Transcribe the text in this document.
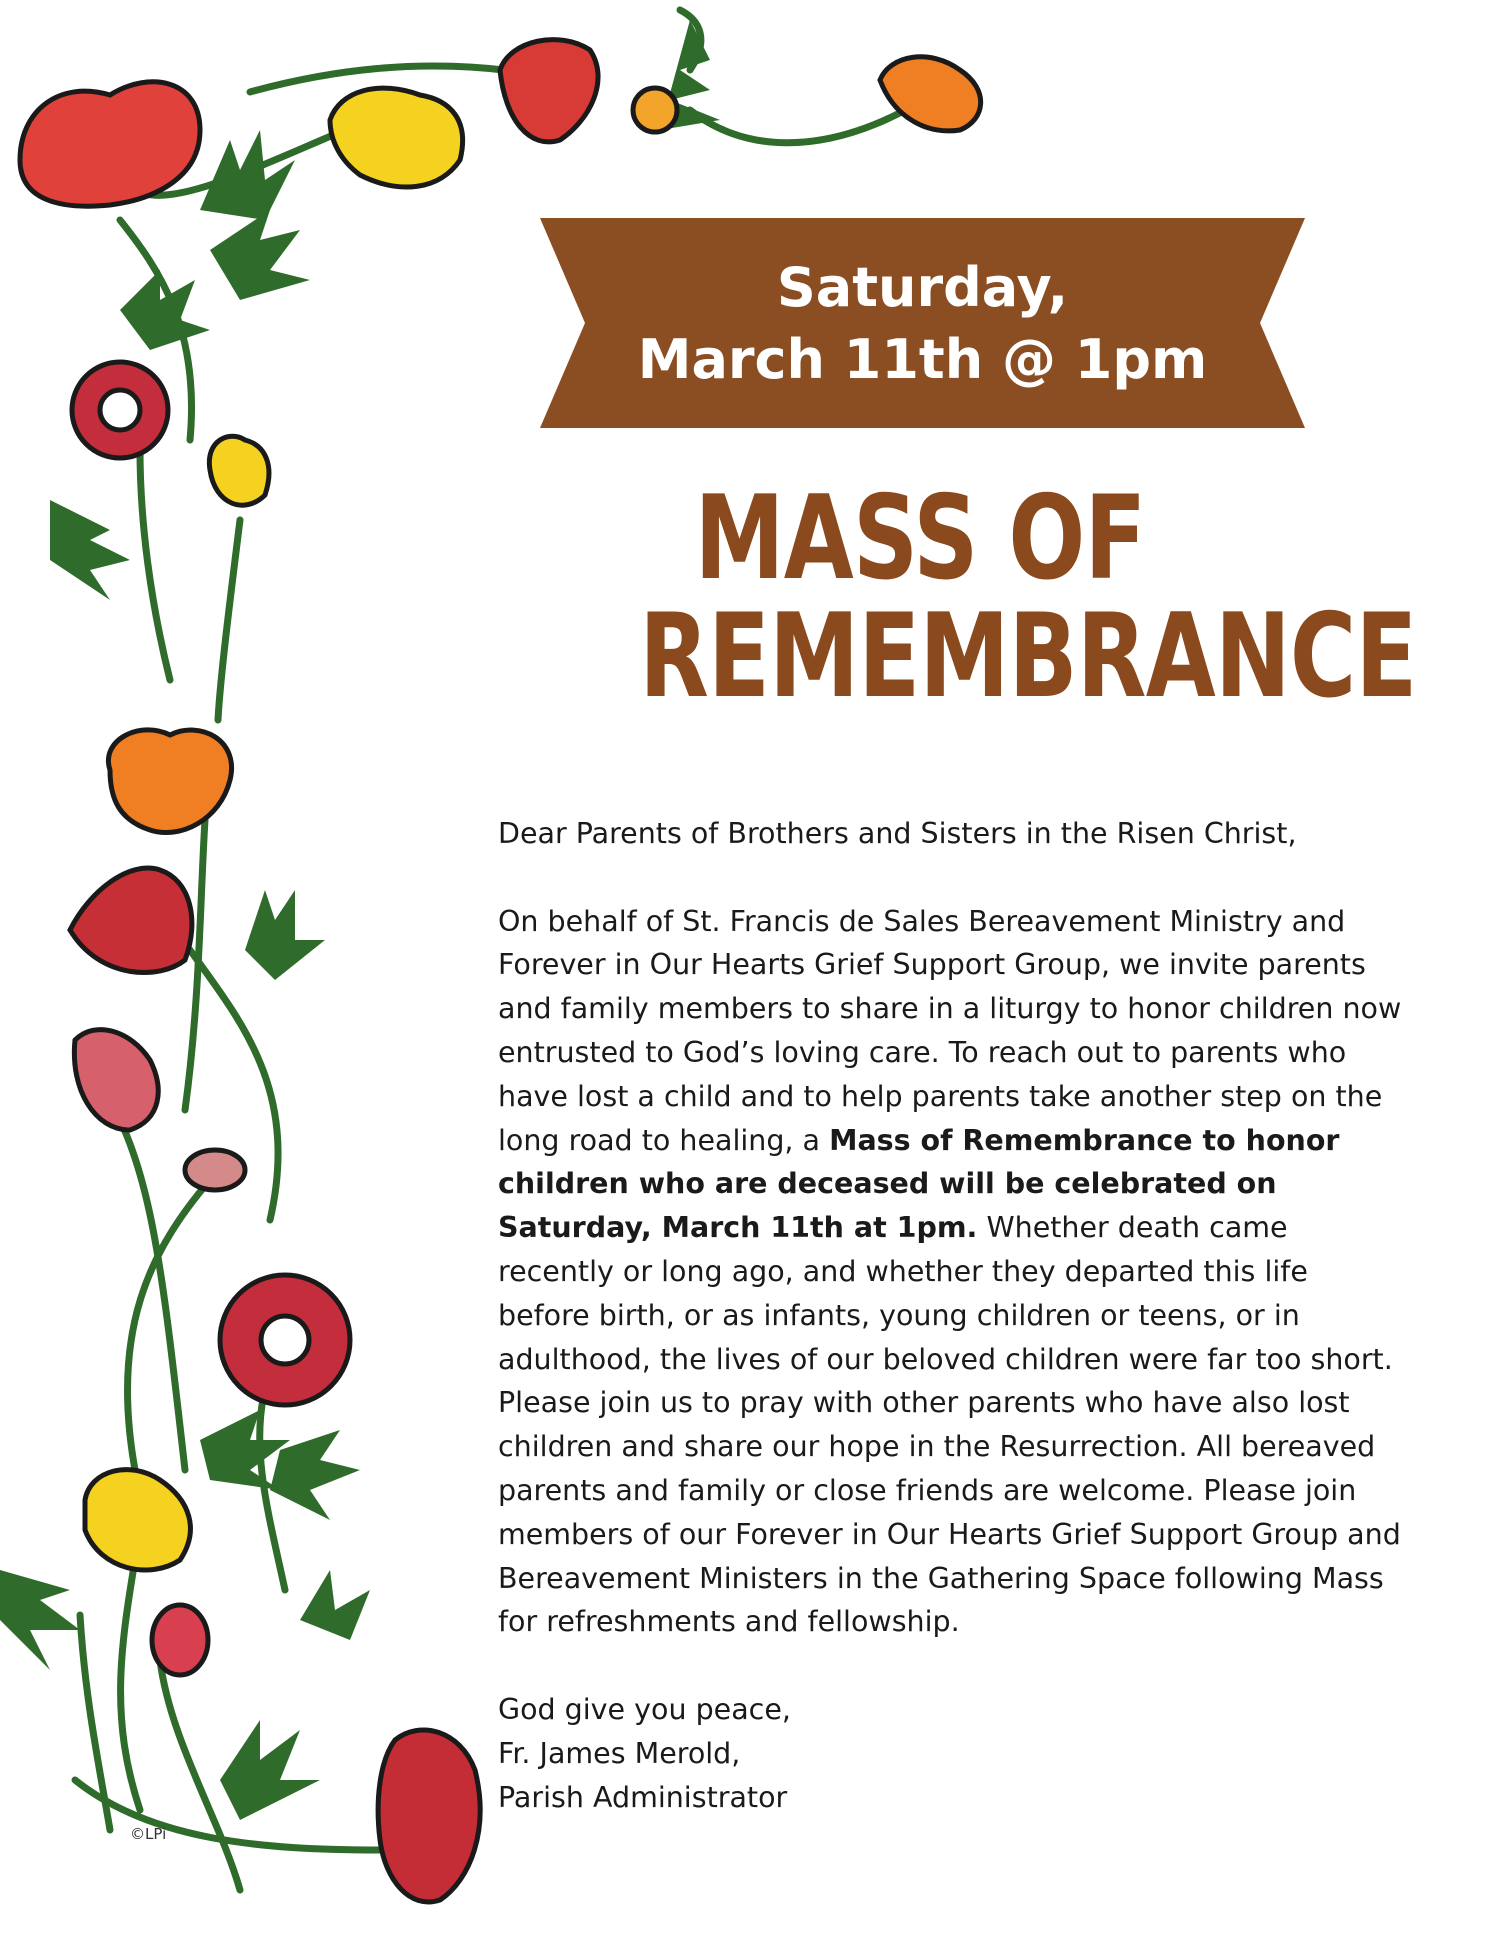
©LPi
Saturday,
March 11th @ 1pm
MASS OF
REMEMBRANCE

Dear Parents of Brothers and Sisters in the Risen Christ,

On behalf of St. Francis de Sales Bereavement Ministry and Forever in Our Hearts Grief Support Group, we invite parents and family members to share in a liturgy to honor children now entrusted to God’s loving care. To reach out to parents who have lost a child and to help parents take another step on the long road to healing, a Mass of Remembrance to honor children who are deceased will be celebrated on Saturday, March 11th at 1pm. Whether death came recently or long ago, and whether they departed this life before birth, or as infants, young children or teens, or in adulthood, the lives of our beloved children were far too short. Please join us to pray with other parents who have also lost children and share our hope in the Resurrection. All bereaved parents and family or close friends are welcome. Please join members of our Forever in Our Hearts Grief Support Group and Bereavement Ministers in the Gathering Space following Mass for refreshments and fellowship.

God give you peace,
Fr. James Merold,
Parish Administrator
